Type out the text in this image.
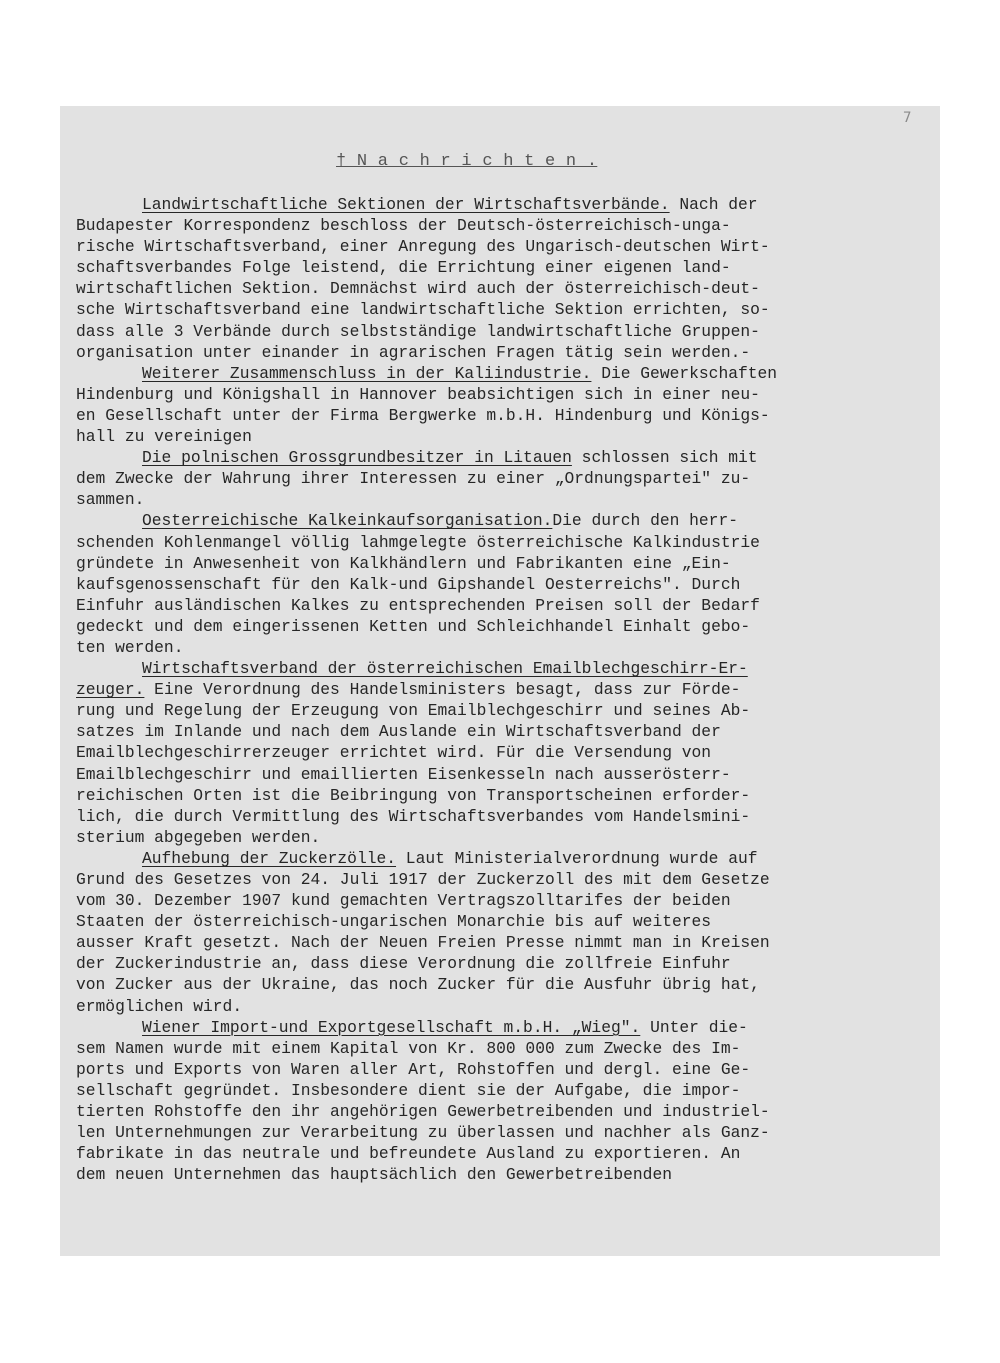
7

† N a c h r i c h t e n .

Landwirtschaftliche Sektionen der Wirtschaftsverbände. Nach der

Budapester Korrespondenz beschloss der Deutsch-österreichisch-unga-

rische Wirtschaftsverband, einer Anregung des Ungarisch-deutschen Wirt-

schaftsverbandes Folge leistend, die Errichtung einer eigenen land-

wirtschaftlichen Sektion. Demnächst wird auch der österreichisch-deut-

sche Wirtschaftsverband eine landwirtschaftliche Sektion errichten, so-

dass alle 3 Verbände durch selbstständige landwirtschaftliche Gruppen-

organisation unter einander in agrarischen Fragen tätig sein werden.-

Weiterer Zusammenschluss in der Kaliindustrie. Die Gewerkschaften

Hindenburg und Königshall in Hannover beabsichtigen sich in einer neu-

en Gesellschaft unter der Firma Bergwerke m.b.H. Hindenburg und Königs-

hall zu vereinigen

Die polnischen Grossgrundbesitzer in Litauen schlossen sich mit

dem Zwecke der Wahrung ihrer Interessen zu einer „Ordnungspartei" zu-

sammen.

Oesterreichische Kalkeinkaufsorganisation.Die durch den herr-

schenden Kohlenmangel völlig lahmgelegte österreichische Kalkindustrie

gründete in Anwesenheit von Kalkhändlern und Fabrikanten eine „Ein-

kaufsgenossenschaft für den Kalk-und Gipshandel Oesterreichs". Durch

Einfuhr ausländischen Kalkes zu entsprechenden Preisen soll der Bedarf

gedeckt und dem eingerissenen Ketten und Schleichhandel Einhalt gebo-

ten werden.

Wirtschaftsverband der österreichischen Emailblechgeschirr-Er-

zeuger. Eine Verordnung des Handelsministers besagt, dass zur Förde-

rung und Regelung der Erzeugung von Emailblechgeschirr und seines Ab-

satzes im Inlande und nach dem Auslande ein Wirtschaftsverband der

Emailblechgeschirrerzeuger errichtet wird. Für die Versendung von

Emailblechgeschirr und emaillierten Eisenkesseln nach ausserösterr-

reichischen Orten ist die Beibringung von Transportscheinen erforder-

lich, die durch Vermittlung des Wirtschaftsverbandes vom Handelsmini-

sterium abgegeben werden.

Aufhebung der Zuckerzölle. Laut Ministerialverordnung wurde auf

Grund des Gesetzes von 24. Juli 1917 der Zuckerzoll des mit dem Gesetze

vom 30. Dezember 1907 kund gemachten Vertragszolltarifes der beiden

Staaten der österreichisch-ungarischen Monarchie bis auf weiteres

ausser Kraft gesetzt. Nach der Neuen Freien Presse nimmt man in Kreisen

der Zuckerindustrie an, dass diese Verordnung die zollfreie Einfuhr

von Zucker aus der Ukraine, das noch Zucker für die Ausfuhr übrig hat,

ermöglichen wird.

Wiener Import-und Exportgesellschaft m.b.H. „Wieg". Unter die-

sem Namen wurde mit einem Kapital von Kr. 800 000 zum Zwecke des Im-

ports und Exports von Waren aller Art, Rohstoffen und dergl. eine Ge-

sellschaft gegründet. Insbesondere dient sie der Aufgabe, die impor-

tierten Rohstoffe den ihr angehörigen Gewerbetreibenden und industriel-

len Unternehmungen zur Verarbeitung zu überlassen und nachher als Ganz-

fabrikate in das neutrale und befreundete Ausland zu exportieren. An

dem neuen Unternehmen das hauptsächlich den Gewerbetreibenden
